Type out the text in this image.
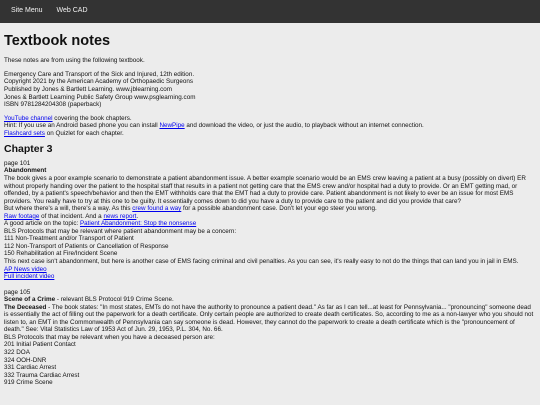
Site Menu	Web CAD
Textbook notes

These notes are from using the following textbook.

Emergency Care and Transport of the Sick and Injured, 12th edition.
Copyright 2021 by the American Academy of Orthopaedic Surgeons
Published by Jones & Bartlett Learning. www.jblearning.com
Jones & Bartlett Learning Public Safety Group www.psglearning.com
ISBN 9781284204308 (paperback)

YouTube channel covering the book chapters.
Hint: If you use an Android based phone you can install NewPipe and download the video, or just the audio, to playback without an internet connection.
Flashcard sets on Quizlet for each chapter.

Chapter 3

page 101
Abandonment
The book gives a poor example scenario to demonstrate a patient abandonment issue. A better example scenario would be an EMS crew leaving a patient at a busy (possibly on divert) ER without properly handing over the patient to the hospital staff that results in a patient not getting care that the EMS crew and/or hospital had a duty to provide. Or an EMT getting mad, or offended, by a patient's speech/behavior and then the EMT withholds care that the EMT had a duty to provide care. Patient abandonment is not likely to ever be an issue for most EMS providers. You really have to try at this one to be guilty. It essentially comes down to did you have a duty to provide care to the patient and did you provide that care?
But where there's a will, there's a way. As this crew found a way for a possible abandonment case. Don't let your ego steer you wrong.
Raw footage of that incident. And a news report.
A good article on the topic: Patient Abandonment: Stop the nonsense
BLS Protocols that may be relevant where patient abandonment may be a concern:
111 Non-Treatment and/or Transport of Patient
112 Non-Transport of Patients or Cancellation of Response
150 Rehabilitation at Fire/Incident Scene
This next case isn't abandonment, but here is another case of EMS facing criminal and civil penalties. As you can see, it's really easy to not do the things that can land you in jail in EMS.
AP News video
Full incident video

page 105
Scene of a Crime - relevant BLS Protocol 919 Crime Scene.
The Deceased - The book states: "In most states, EMTs do not have the authority to pronounce a patient dead." As far as I can tell...at least for Pennsylvania... "pronouncing" someone dead is essentially the act of filling out the paperwork for a death certificate. Only certain people are authorized to create death certificates. So, according to me as a non-lawyer who you should not listen to, an EMT in the Commonwealth of Pennsylvania can say someone is dead. However, they cannot do the paperwork to create a death certificate which is the "pronouncement of death." See: Vital Statistics Law of 1953 Act of Jun. 29, 1953, P.L. 304, No. 66.
BLS Protocols that may be relevant when you have a deceased person are:
201 Initial Patient Contact
322 DOA
324 OOH-DNR
331 Cardiac Arrest
332 Trauma Cardiac Arrest
919 Crime Scene
